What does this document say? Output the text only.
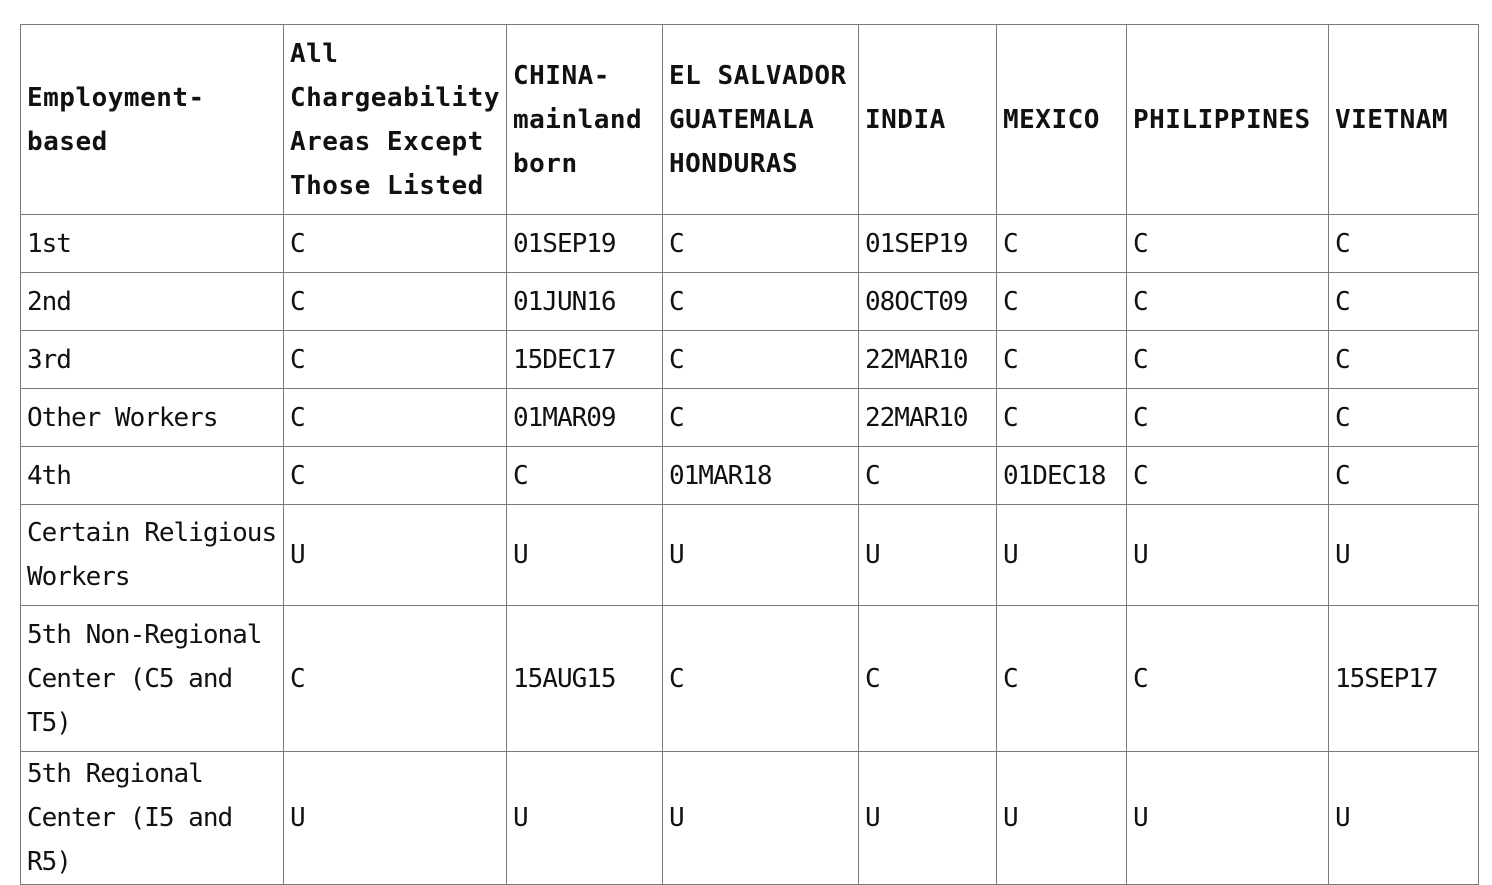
Employment-based	All Chargeability Areas Except Those Listed	CHINA-mainland born	EL SALVADOR GUATEMALA HONDURAS	INDIA	MEXICO	PHILIPPINES	VIETNAM
1st	C	01SEP19	C	01SEP19	C	C	C
2nd	C	01JUN16	C	08OCT09	C	C	C
3rd	C	15DEC17	C	22MAR10	C	C	C
Other Workers	C	01MAR09	C	22MAR10	C	C	C
4th	C	C	01MAR18	C	01DEC18	C	C
Certain Religious Workers	U	U	U	U	U	U	U
5th Non-Regional Center (C5 and T5)	C	15AUG15	C	C	C	C	15SEP17
5th Regional Center (I5 and R5)	U	U	U	U	U	U	U
